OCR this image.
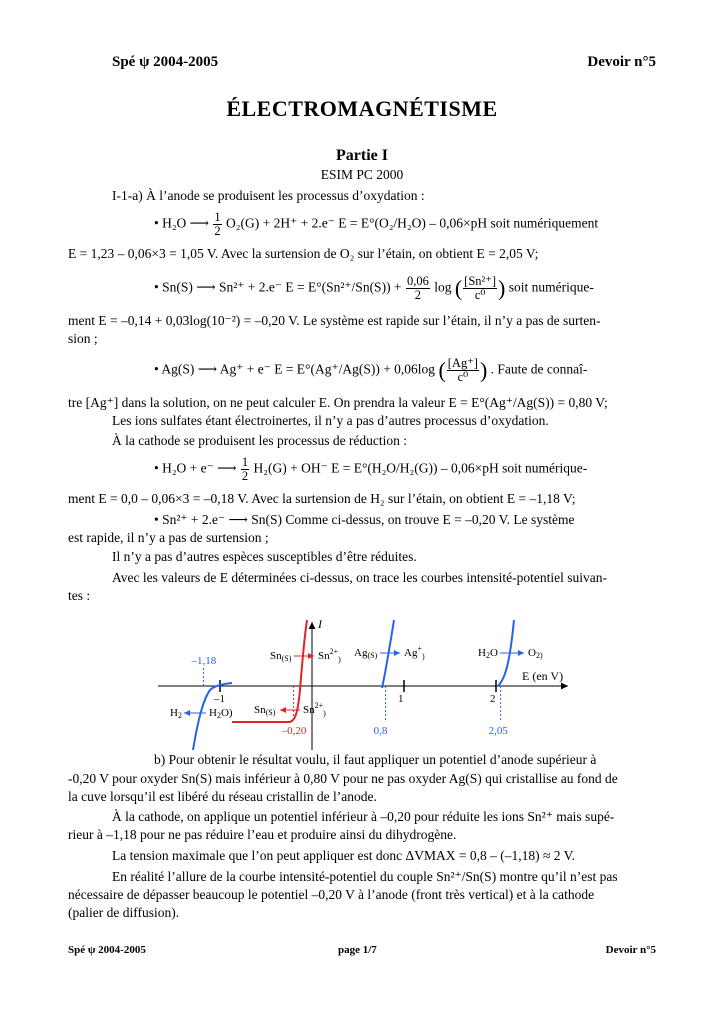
Spé ψ 2004-2005	Devoir n°5
ÉLECTROMAGNÉTISME
Partie I
ESIM PC 2000
I-1-a) À l’anode se produisent les processus d’oxydation :
• H₂O ⟶ $\frac{1}{2} O_2(G) + 2H^+ + 2.e^-$ E = E°(O₂/H₂O) – 0,06×pH soit numériquement
E = 1,23 – 0,06×3 = 1,05 V. Avec la surtension de O₂ sur l’étain, on obtient E = 2,05 V;
• Sn(S) ⟶ Sn²⁺ + 2.e⁻ $E = E^\circ(Sn^{2+}/Sn(S)) + \frac{0,06}{2}$ log ( $\frac{\text{[Sn²⁺]}}{\text{c⁰}}$ ) soit numérique-
ment E = –0,14 + 0,03log(10⁻²) = –0,20 V. Le système est rapide sur l’étain, il n’y a pas de surten-
sion ;
• Ag(S) ⟶ Ag⁺ + e⁻ E = E°(Ag⁺/Ag(S)) + 0,06log ( $\frac{[Ag^+]}{\text{c⁰}}$ ) . Faute de connaî-
tre [Ag⁺] dans la solution, on ne peut calculer E. On prendra la valeur E = E°(Ag⁺/Ag(S)) = 0,80 V;
Les ions sulfates étant électroinertes, il n’y a pas d’autres processus d’oxydation.
À la cathode se produisent les processus de réduction :
• H₂O + e⁻ ⟶ $\frac{1}{2} H_2(G) + OH^-$ E = E°(H₂O/H₂(G)) – 0,06×pH soit numérique-
ment E = 0,0 – 0,06×3 = –0,18 V. Avec la surtension de H₂ sur l’étain, on obtient E = –1,18 V;
• Sn²⁺ + 2.e⁻ ⟶ Sn(S) Comme ci-dessus, on trouve E = –0,20 V. Le système
est rapide, il n’y a pas de surtension ;
Il n’y a pas d’autres espèces susceptibles d’être réduites.
Avec les valeurs de E déterminées ci-dessus, on trace les courbes intensité-potentiel suivan-
tes :
I
E (en V)
–1	1	2
–1,18
–0,20	0,8	2,05
Sn(S) $Sn^{2+}_)$
Ag(S) $Ag^+_)$	H2O	O2)
H2 H2O) Sn(S)	$Sn^{2+}_)$
b) Pour obtenir le résultat voulu, il faut appliquer un potentiel d’anode supérieur à
-0,20 V pour oxyder Sn(S) mais inférieur à 0,80 V pour ne pas oxyder Ag(S) qui cristallise au fond de
la cuve lorsqu’il est libéré du réseau cristallin de l’anode.
À la cathode, on applique un potentiel inférieur à –0,20 pour réduite les ions Sn²⁺ mais supé-
rieur à –1,18 pour ne pas réduire l’eau et produire ainsi du dihydrogène.
La tension maximale que l’on peut appliquer est donc ΔVMAX = 0,8 – (–1,18) ≈ 2 V.
En réalité l’allure de la courbe intensité-potentiel du couple Sn²⁺/Sn(S) montre qu’il n’est pas
nécessaire de dépasser beaucoup le potentiel –0,20 V à l’anode (front très vertical) et à la cathode
(palier de diffusion).
Spé ψ 2004-2005	page 1/7	Devoir n°5
